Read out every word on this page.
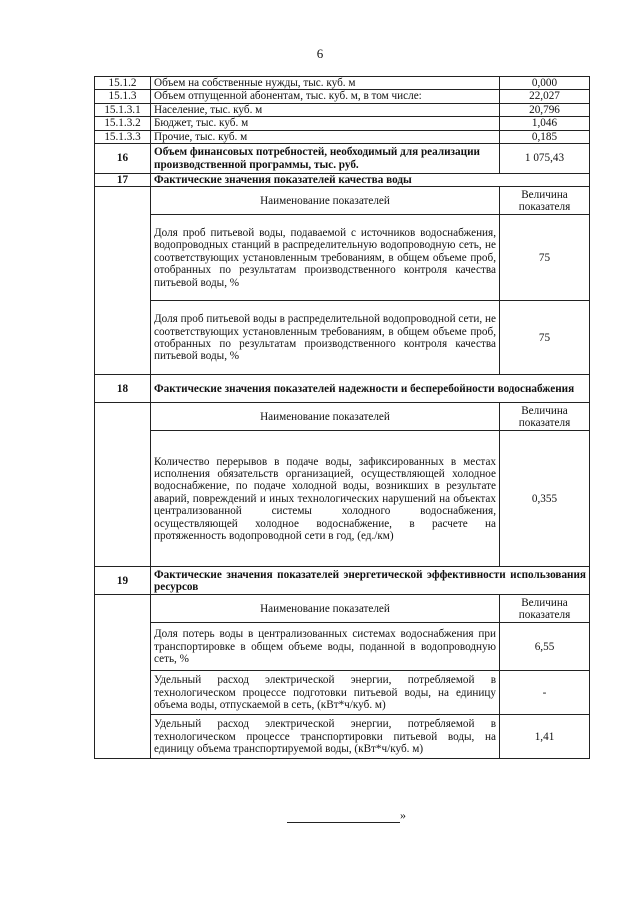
6
15.1.2	Объем на собственные нужды, тыс. куб. м	0,000
15.1.3	Объем отпущенной абонентам, тыс. куб. м, в том числе:	22,027
15.1.3.1	Население, тыс. куб. м	20,796
15.1.3.2	Бюджет, тыс. куб. м	1,046
15.1.3.3	Прочие, тыс. куб. м	0,185
16	Объем финансовых потребностей, необходимый для реализации производственной программы, тыс. руб.	1 075,43
17	Фактические значения показателей качества воды	
	Наименование показателей	Величина показателя
	Доля проб питьевой воды, подаваемой с источников водоснабжения, водопроводных станций в распределительную водопроводную сеть, не соответствующих установленным требованиям, в общем объеме проб, отобранных по результатам производственного контроля качества питьевой воды, %	75
	Доля проб питьевой воды в распределительной водопроводной сети, не соответствующих установленным требованиям, в общем объеме проб, отобранных по результатам производственного контроля качества питьевой воды, %	75
18	Фактические значения показателей надежности и бесперебойности водоснабжения	
	Наименование показателей	Величина показателя
	Количество перерывов в подаче воды, зафиксированных в местах исполнения обязательств организацией, осуществляющей холодное водоснабжение, по подаче холодной воды, возникших в результате аварий, повреждений и иных технологических нарушений на объектах централизованной системы холодного водоснабжения, осуществляющей холодное водоснабжение, в расчете на протяженность водопроводной сети в год, (ед./км)	0,355
19	Фактические значения показателей энергетической эффективности использования ресурсов	
	Наименование показателей	Величина показателя
	Доля потерь воды в централизованных системах водоснабжения при транспортировке в общем объеме воды, поданной в водопроводную сеть, %	6,55
	Удельный расход электрической энергии, потребляемой в технологическом процессе подготовки питьевой воды, на единицу объема воды, отпускаемой в сеть, (кВт*ч/куб. м)	-
	Удельный расход электрической энергии, потребляемой в технологическом процессе транспортировки питьевой воды, на единицу объема транспортируемой воды, (кВт*ч/куб. м)	1,41
»
